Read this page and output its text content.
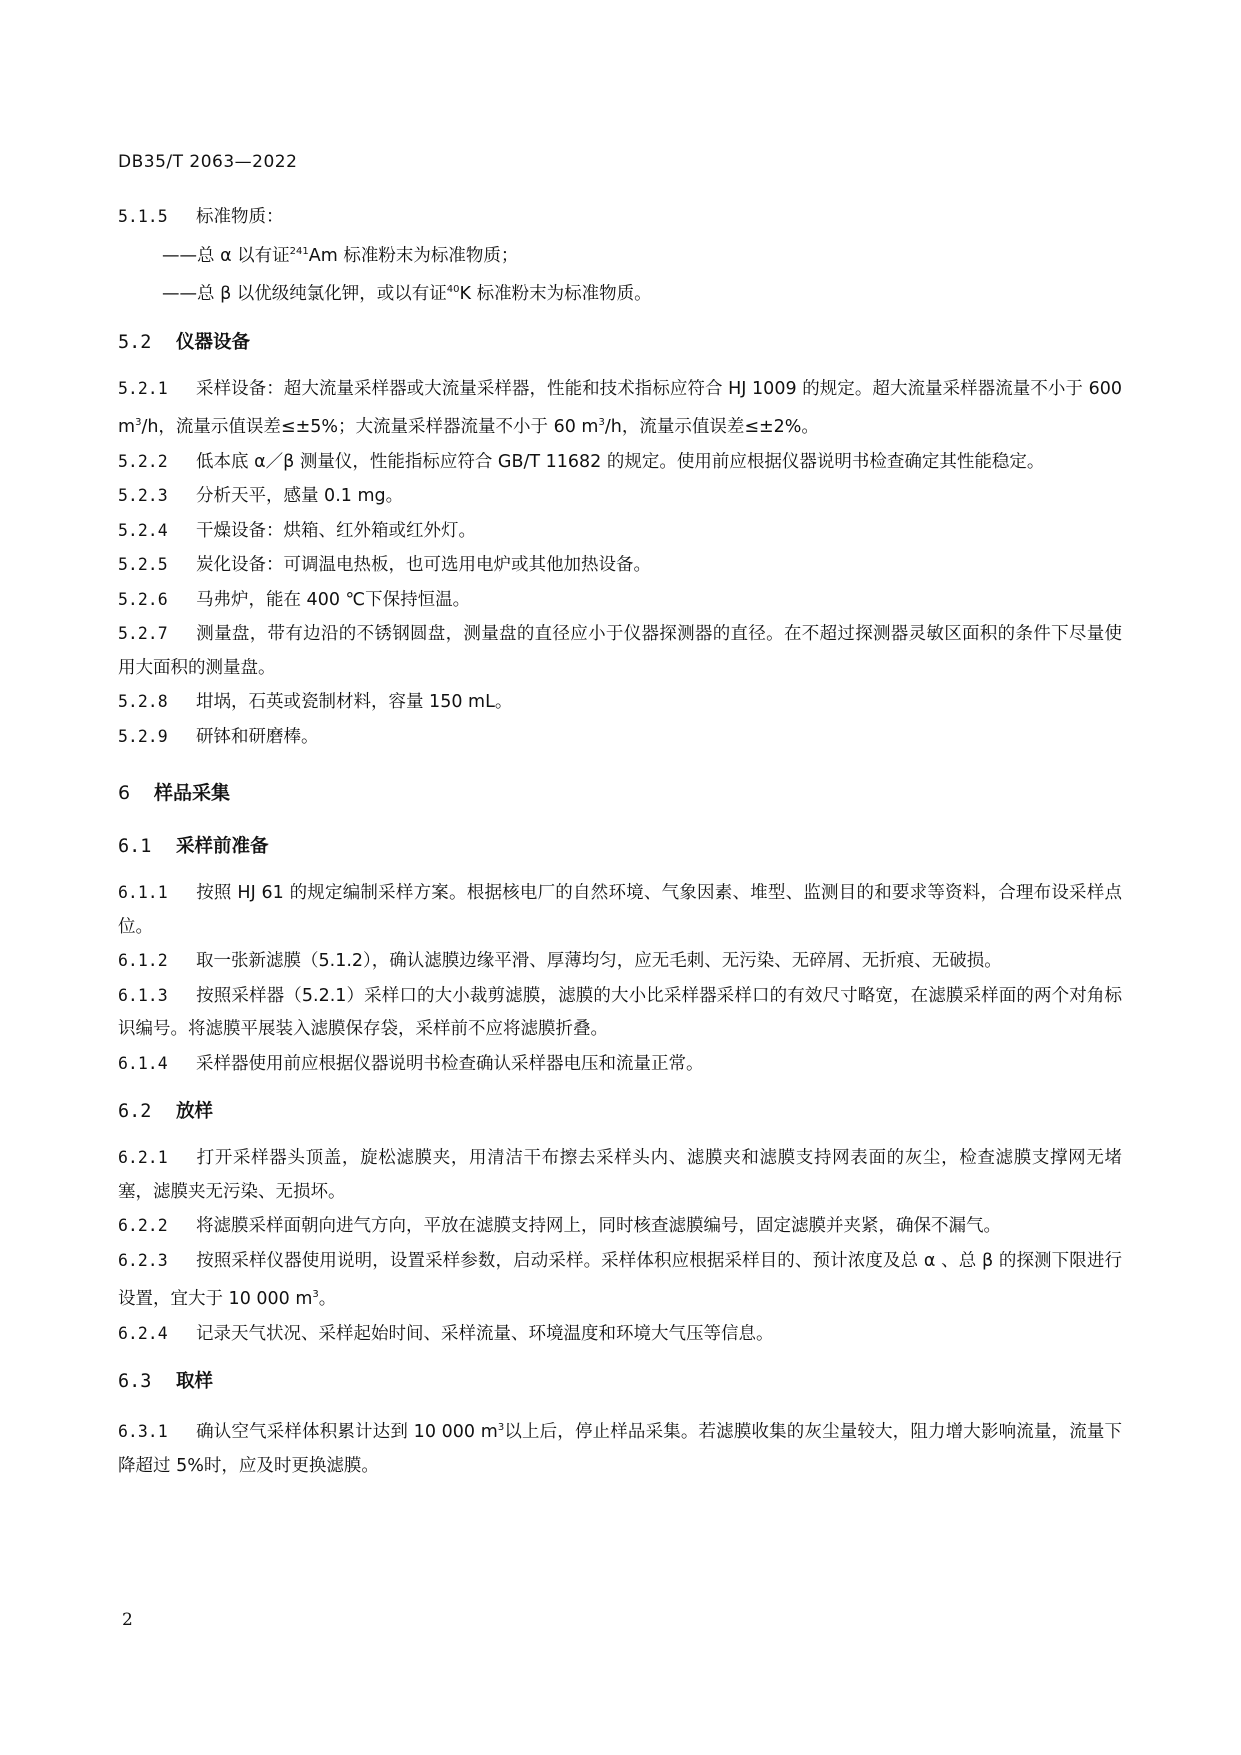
DB35/T 2063—2022

5.1.5 标准物质：

——总 α 以有证$^{241}$Am 标准粉末为标准物质；
——总 β 以优级纯氯化钾，或以有证$^{40}$K 标准粉末为标准物质。
5.2 仪器设备

5.2.1 采样设备：超大流量采样器或大流量采样器，性能和技术指标应符合 HJ 1009 的规定。超大流量采样器流量不小于 600 $m^3/h$，流量示值误差≤±5%；大流量采样器流量不小于 60 $m^3/h$，流量示值误差≤±2%。

5.2.2 低本底 α／β 测量仪，性能指标应符合 GB/T 11682 的规定。使用前应根据仪器说明书检查确定其性能稳定。

5.2.3 分析天平，感量 0.1 mg。

5.2.4 干燥设备：烘箱、红外箱或红外灯。

5.2.5 炭化设备：可调温电热板，也可选用电炉或其他加热设备。

5.2.6 马弗炉，能在 400 ℃下保持恒温。

5.2.7 测量盘，带有边沿的不锈钢圆盘，测量盘的直径应小于仪器探测器的直径。在不超过探测器灵敏区面积的条件下尽量使用大面积的测量盘。

5.2.8 坩埚，石英或瓷制材料，容量 150 mL。

5.2.9 研钵和研磨棒。

6 样品采集
6.1 采样前准备

6.1.1 按照 HJ 61 的规定编制采样方案。根据核电厂的自然环境、气象因素、堆型、监测目的和要求等资料，合理布设采样点位。

6.1.2 取一张新滤膜（5.1.2），确认滤膜边缘平滑、厚薄均匀，应无毛刺、无污染、无碎屑、无折痕、无破损。

6.1.3 按照采样器（5.2.1）采样口的大小裁剪滤膜，滤膜的大小比采样器采样口的有效尺寸略宽，在滤膜采样面的两个对角标识编号。将滤膜平展装入滤膜保存袋，采样前不应将滤膜折叠。

6.1.4 采样器使用前应根据仪器说明书检查确认采样器电压和流量正常。

6.2 放样

6.2.1 打开采样器头顶盖，旋松滤膜夹，用清洁干布擦去采样头内、滤膜夹和滤膜支持网表面的灰尘，检查滤膜支撑网无堵塞，滤膜夹无污染、无损坏。

6.2.2 将滤膜采样面朝向进气方向，平放在滤膜支持网上，同时核查滤膜编号，固定滤膜并夹紧，确保不漏气。

6.2.3 按照采样仪器使用说明，设置采样参数，启动采样。采样体积应根据采样目的、预计浓度及总 α 、总 β 的探测下限进行设置，宜大于 10 000 $m^3$。

6.2.4 记录天气状况、采样起始时间、采样流量、环境温度和环境大气压等信息。

6.3 取样

6.3.1 确认空气采样体积累计达到 10 000 $m^3$以上后，停止样品采集。若滤膜收集的灰尘量较大，阻力增大影响流量，流量下降超过 5%时，应及时更换滤膜。

2
